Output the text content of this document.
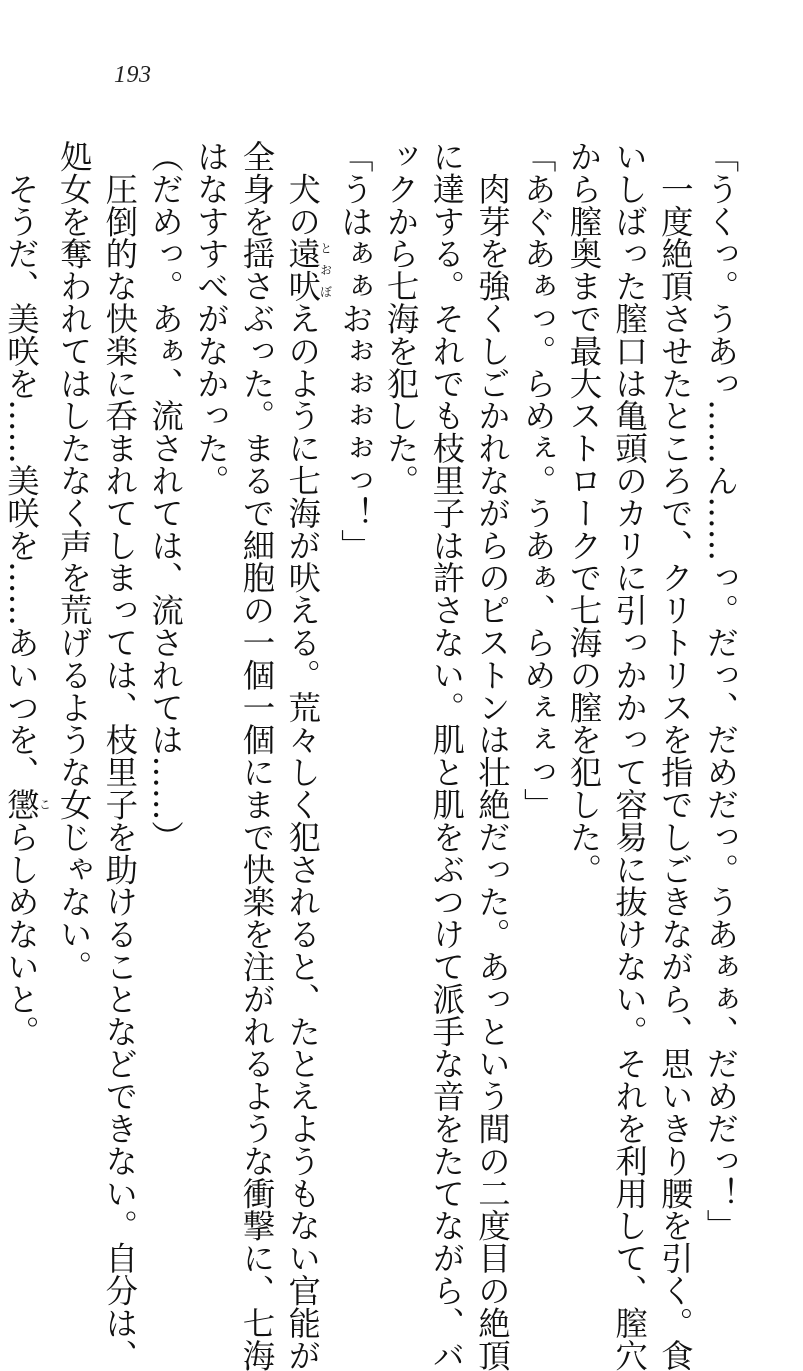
193

「うくっ。うあっ……ん……っ。だっ、だめだっ。うあぁぁ、だめだっ！」

　一度絶頂させたところで、クリトリスを指でしごきながら、思いきり腰を引く。食

いしばった膣口は亀頭のカリに引っかかって容易に抜けない。それを利用して、膣穴

から膣奥まで最大ストロークで七海の膣を犯した。

「あぐあぁっ。らめぇ。うあぁ、らめぇぇっ」

　肉芽を強くしごかれながらのピストンは壮絶だった。あっという間の二度目の絶頂

に達する。それでも枝里子は許さない。肌と肌をぶつけて派手な音をたてながら、バ

ックから七海を犯した。

「うはぁぁおぉぉぉぉっ！」

　犬の遠吠とおぼえのように七海が吠える。荒々しく犯されると、たとえようもない官能が

全身を揺さぶった。まるで細胞の一個一個にまで快楽を注がれるような衝撃に、七海

はなすすべがなかった。

（だめっ。あぁ、流されては、流されては……）

　圧倒的な快楽に呑まれてしまっては、枝里子を助けることなどできない。自分は、

処女を奪われてはしたなく声を荒げるような女じゃない。

　そうだ、美咲を……美咲を……あいつを、懲こらしめないと。
